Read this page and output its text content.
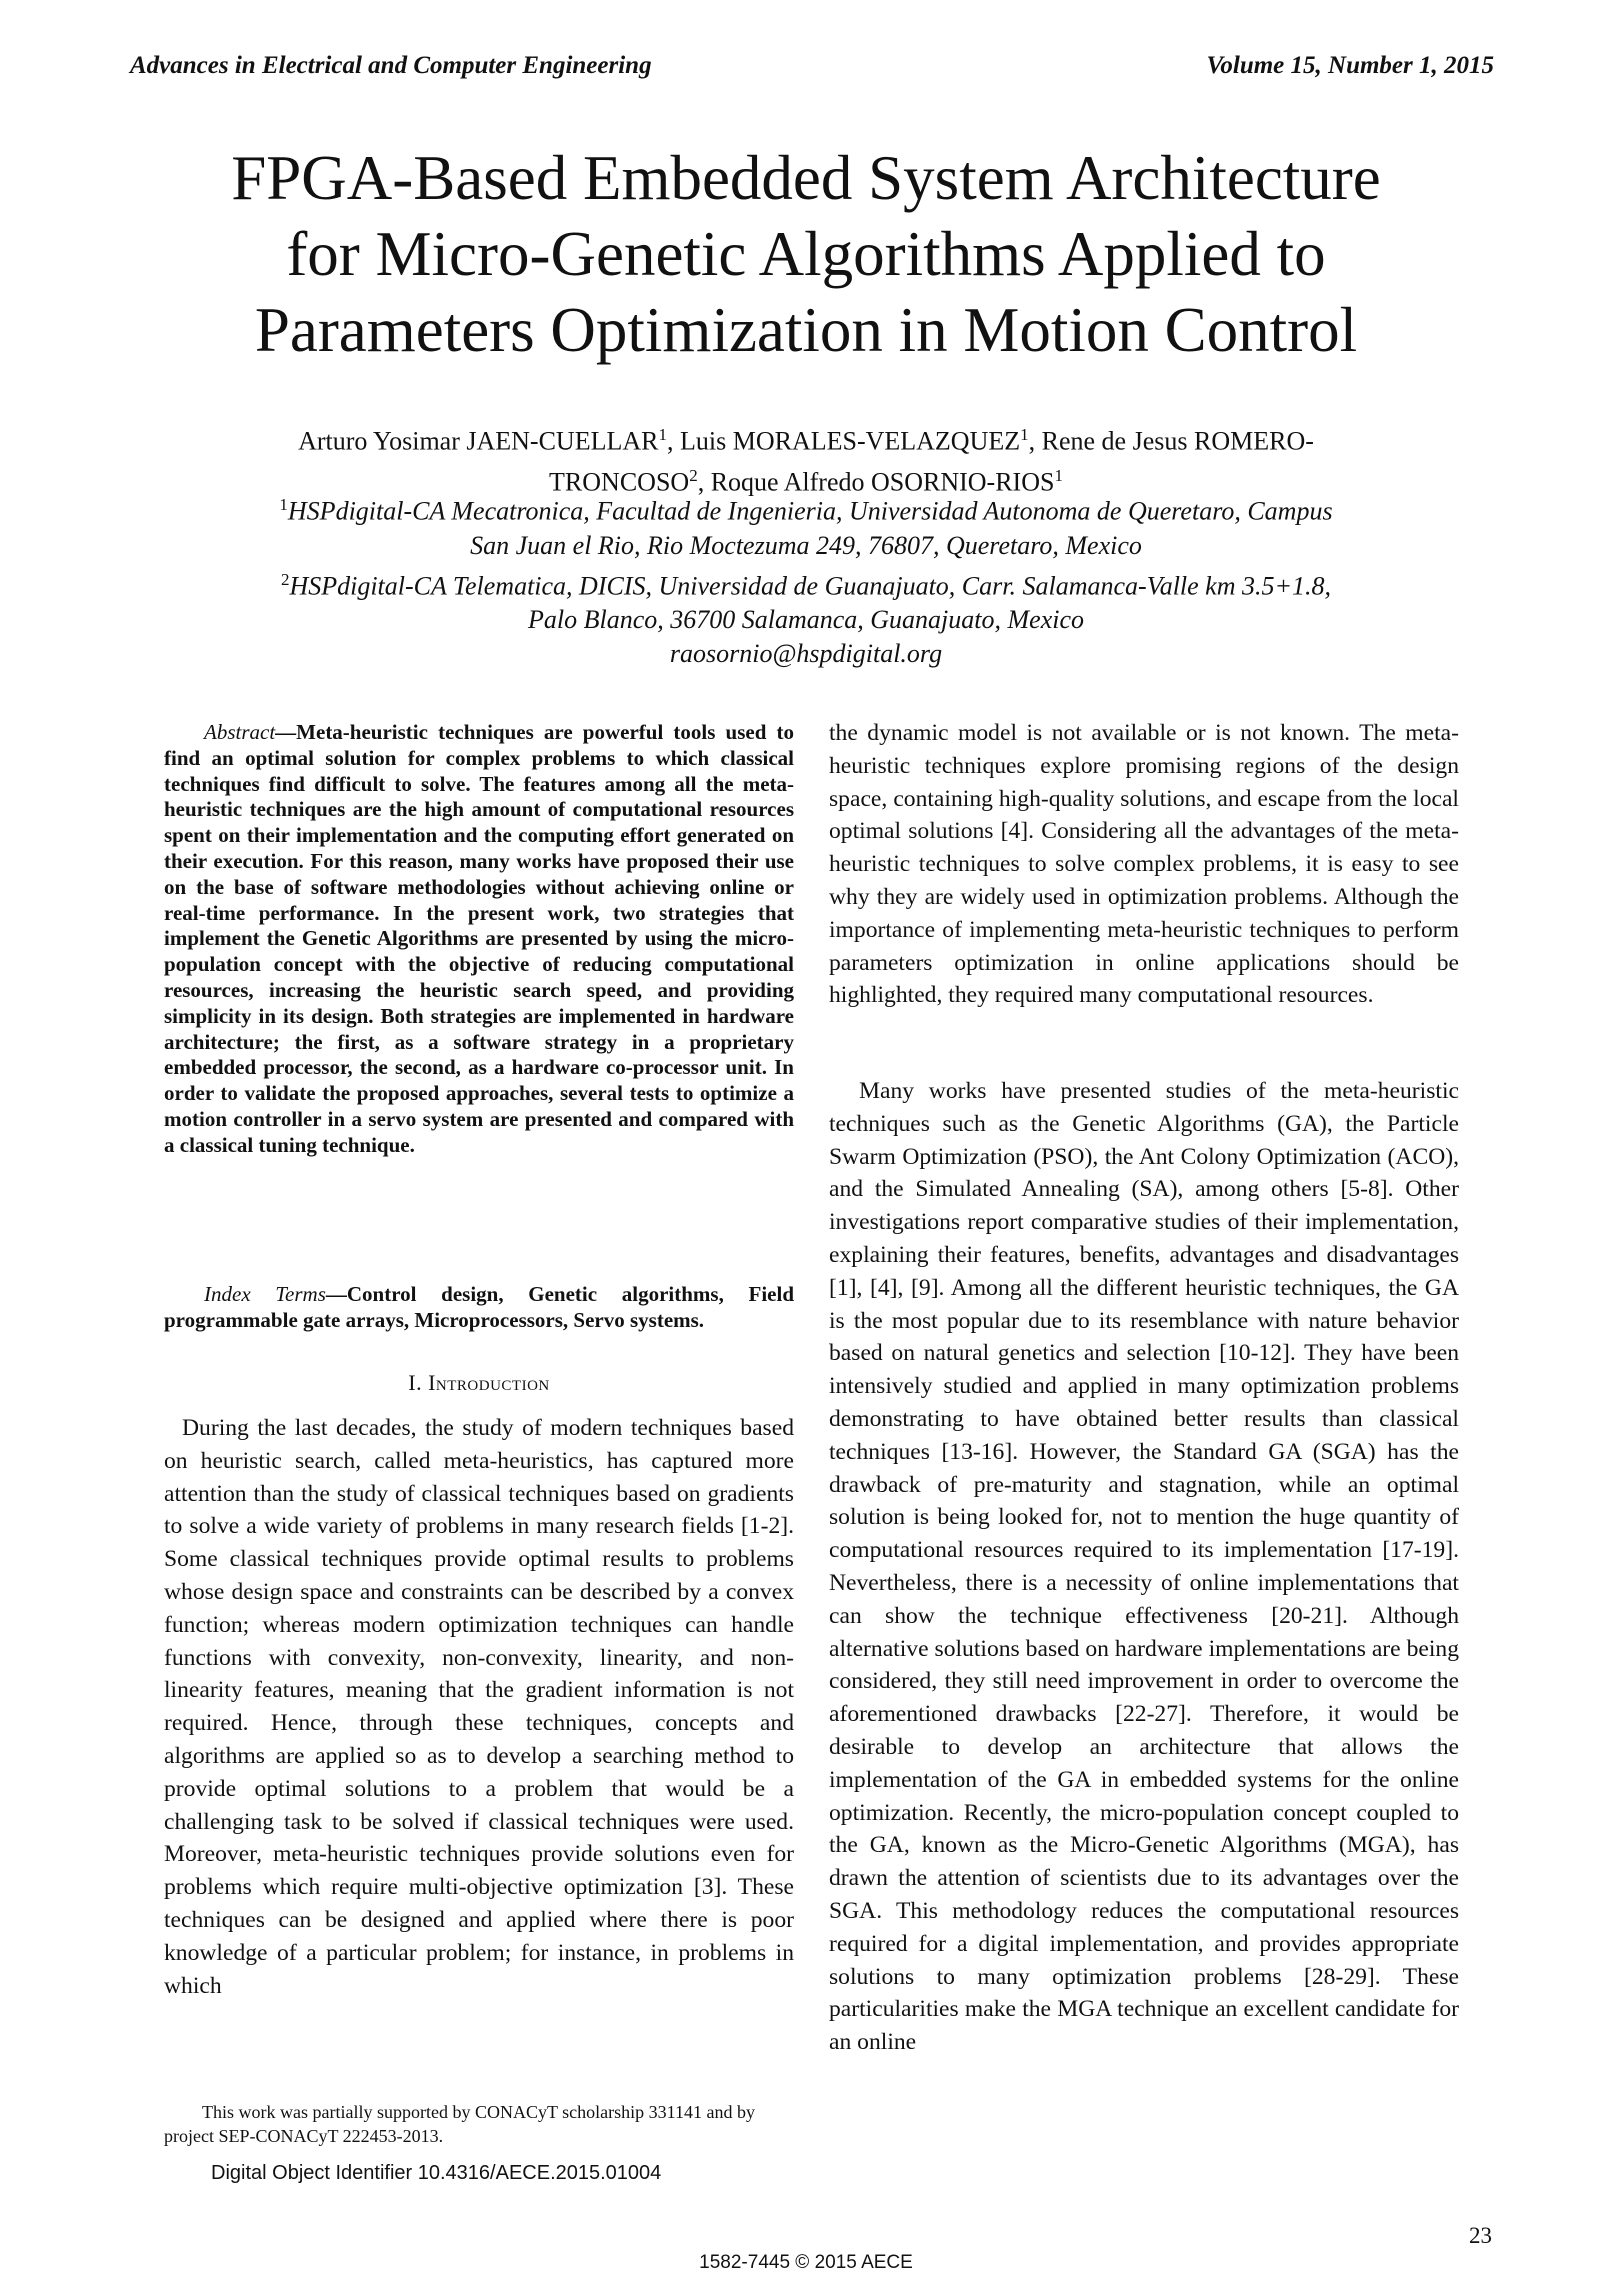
Advances in Electrical and Computer Engineering	Volume 15, Number 1, 2015
FPGA-Based Embedded System Architecture
for Micro-Genetic Algorithms Applied to
Parameters Optimization in Motion Control
Arturo Yosimar JAEN-CUELLAR$^1$, Luis MORALES-VELAZQUEZ$^1$, Rene de Jesus ROMERO-
TRONCOSO$^2$, Roque Alfredo OSORNIO-RIOS$^1$
$^1$HSPdigital-CA Mecatronica, Facultad de Ingenieria, Universidad Autonoma de Queretaro, Campus
San Juan el Rio, Rio Moctezuma 249, 76807, Queretaro, Mexico
$^2$HSPdigital-CA Telematica, DICIS, Universidad de Guanajuato, Carr. Salamanca-Valle km 3.5+1.8,
Palo Blanco, 36700 Salamanca, Guanajuato, Mexico
raosornio@hspdigital.org
Abstract—Meta-heuristic techniques are powerful tools used to find an optimal solution for complex problems to which classical techniques find difficult to solve. The features among all the meta-heuristic techniques are the high amount of computational resources spent on their implementation and the computing effort generated on their execution. For this reason, many works have proposed their use on the base of software methodologies without achieving online or real-time performance. In the present work, two strategies that implement the Genetic Algorithms are presented by using the micro-population concept with the objective of reducing computational resources, increasing the heuristic search speed, and providing simplicity in its design. Both strategies are implemented in hardware architecture; the first, as a software strategy in a proprietary embedded processor, the second, as a hardware co-processor unit. In order to validate the proposed approaches, several tests to optimize a motion controller in a servo system are presented and compared with a classical tuning technique.
Index Terms—Control design, Genetic algorithms, Field programmable gate arrays, Microprocessors, Servo systems.
I. Introduction
During the last decades, the study of modern techniques based on heuristic search, called meta-heuristics, has captured more attention than the study of classical techniques based on gradients to solve a wide variety of problems in many research fields [1-2]. Some classical techniques provide optimal results to problems whose design space and constraints can be described by a convex function; whereas modern optimization techniques can handle functions with convexity, non-convexity, linearity, and non-linearity features, meaning that the gradient information is not required. Hence, through these techniques, concepts and algorithms are applied so as to develop a searching method to provide optimal solutions to a problem that would be a challenging task to be solved if classical techniques were used. Moreover, meta-heuristic techniques provide solutions even for problems which require multi-objective optimization [3]. These techniques can be designed and applied where there is poor knowledge of a particular problem; for instance, in problems in which
the dynamic model is not available or is not known. The meta-heuristic techniques explore promising regions of the design space, containing high-quality solutions, and escape from the local optimal solutions [4]. Considering all the advantages of the meta-heuristic techniques to solve complex problems, it is easy to see why they are widely used in optimization problems. Although the importance of implementing meta-heuristic techniques to perform parameters optimization in online applications should be highlighted, they required many computational resources.
Many works have presented studies of the meta-heuristic techniques such as the Genetic Algorithms (GA), the Particle Swarm Optimization (PSO), the Ant Colony Optimization (ACO), and the Simulated Annealing (SA), among others [5-8]. Other investigations report comparative studies of their implementation, explaining their features, benefits, advantages and disadvantages [1], [4], [9]. Among all the different heuristic techniques, the GA is the most popular due to its resemblance with nature behavior based on natural genetics and selection [10-12]. They have been intensively studied and applied in many optimization problems demonstrating to have obtained better results than classical techniques [13-16]. However, the Standard GA (SGA) has the drawback of pre-maturity and stagnation, while an optimal solution is being looked for, not to mention the huge quantity of computational resources required to its implementation [17-19]. Nevertheless, there is a necessity of online implementations that can show the technique effectiveness [20-21]. Although alternative solutions based on hardware implementations are being considered, they still need improvement in order to overcome the aforementioned drawbacks [22-27]. Therefore, it would be desirable to develop an architecture that allows the implementation of the GA in embedded systems for the online optimization. Recently, the micro-population concept coupled to the GA, known as the Micro-Genetic Algorithms (MGA), has drawn the attention of scientists due to its advantages over the SGA. This methodology reduces the computational resources required for a digital implementation, and provides appropriate solutions to many optimization problems [28-29]. These particularities make the MGA technique an excellent candidate for an online
This work was partially supported by CONACyT scholarship 331141 and by project SEP-CONACyT 222453-2013.
Digital Object Identifier 10.4316/AECE.2015.01004
23
1582-7445 © 2015 AECE
